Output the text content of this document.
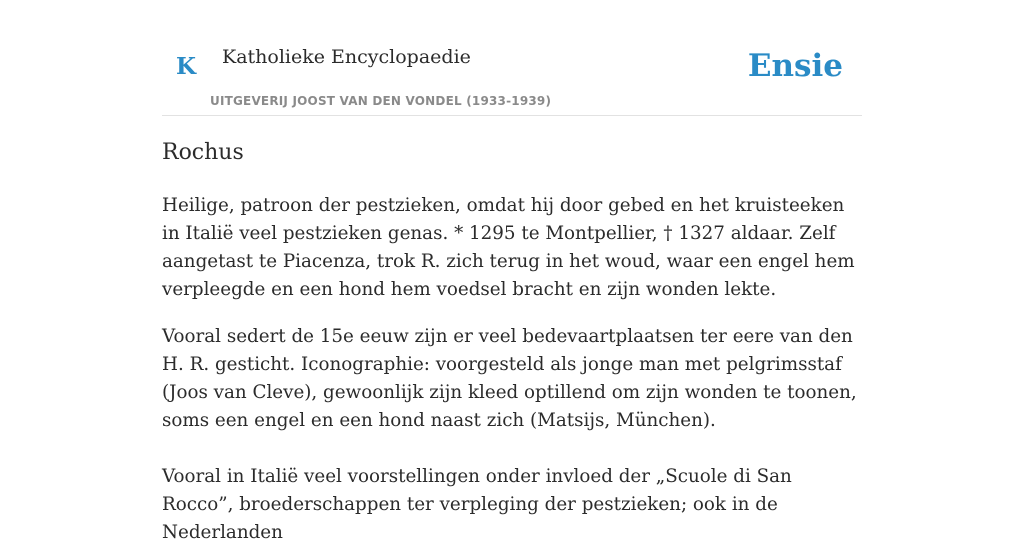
K Katholieke Encyclopaedie
UITGEVERIJ JOOST VAN DEN VONDEL (1933-1939)
Ensie
Rochus

Heilige, patroon der pestzieken, omdat hij door gebed en het kruisteeken in Italië veel pestzieken genas. * 1295 te Montpellier, † 1327 aldaar. Zelf aangetast te Piacenza, trok R. zich terug in het woud, waar een engel hem verpleegde en een hond hem voedsel bracht en zijn wonden lekte.

Vooral sedert de 15e eeuw zijn er veel bedevaartplaatsen ter eere van den H. R. gesticht. Iconographie: voorgesteld als jonge man met pelgrimsstaf (Joos van Cleve), gewoonlijk zijn kleed optillend om zijn wonden te toonen, soms een engel en een hond naast zich (Matsijs, München).

Vooral in Italië veel voorstellingen onder invloed der „Scuole di San Rocco”, broederschappen ter verpleging der pestzieken; ook in de Nederlanden
